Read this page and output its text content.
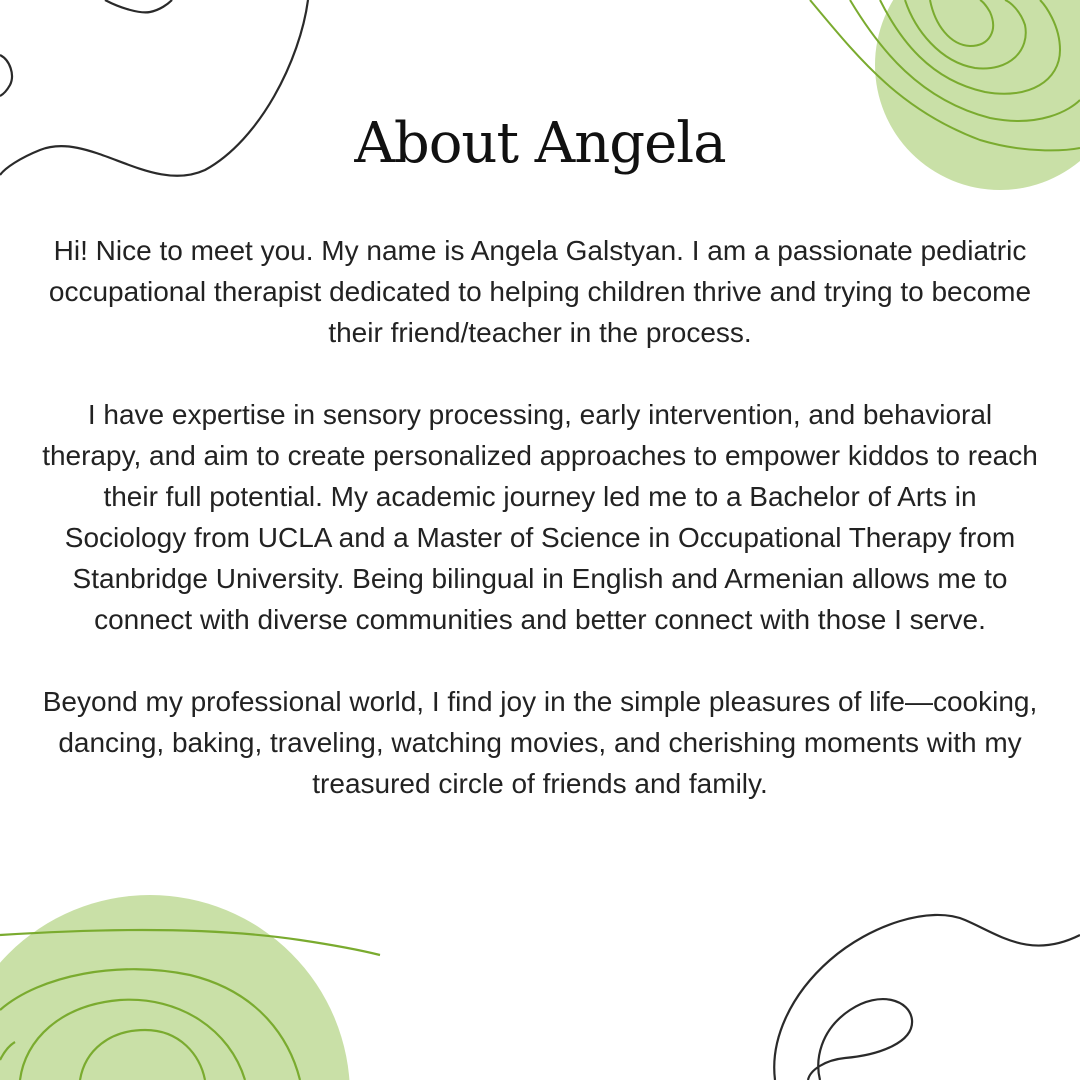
About Angela

Hi! Nice to meet you. My name is Angela Galstyan. I am a passionate pediatric occupational therapist dedicated to helping children thrive and trying to become their friend/teacher in the process.

I have expertise in sensory processing, early intervention, and behavioral therapy, and aim to create personalized approaches to empower kiddos to reach their full potential. My academic journey led me to a Bachelor of Arts in Sociology from UCLA and a Master of Science in Occupational Therapy from Stanbridge University. Being bilingual in English and Armenian allows me to connect with diverse communities and better connect with those I serve.

Beyond my professional world, I find joy in the simple pleasures of life—cooking, dancing, baking, traveling, watching movies, and cherishing moments with my treasured circle of friends and family.
